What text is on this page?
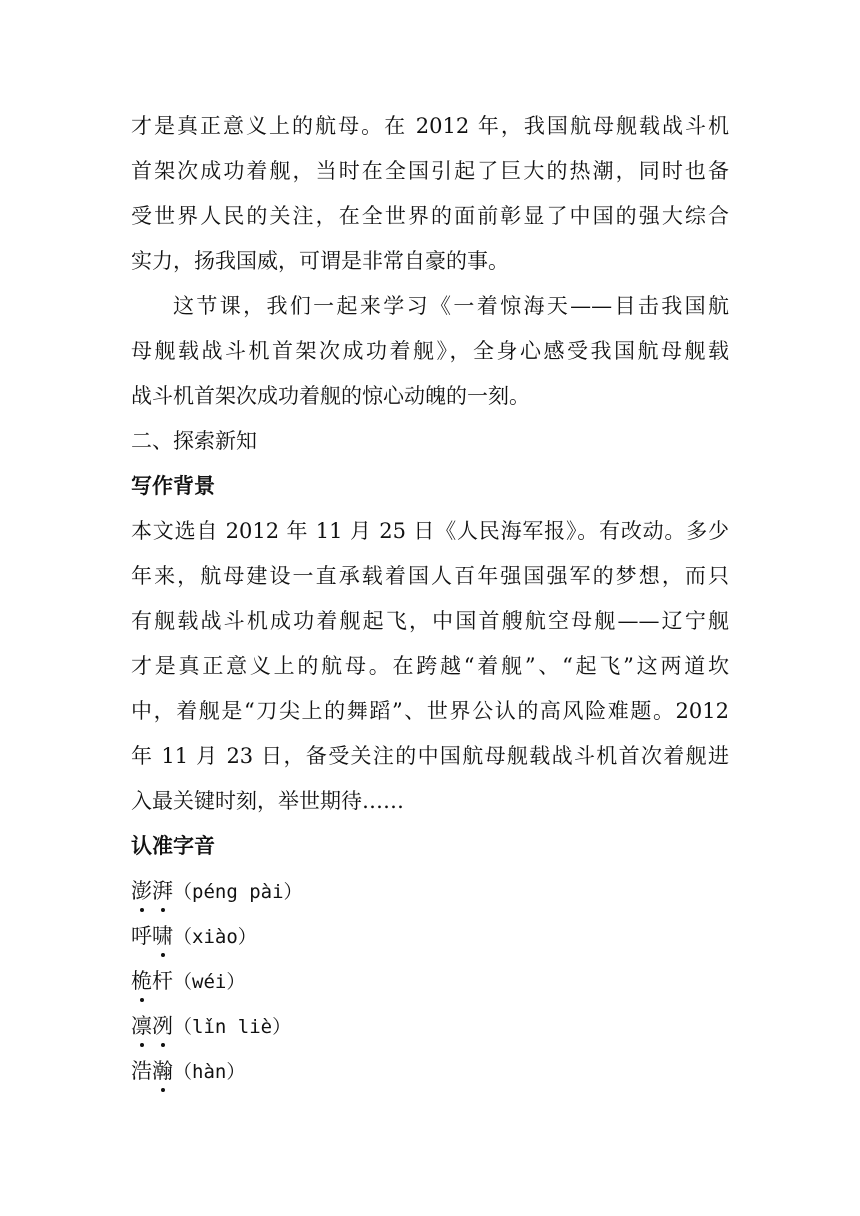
才是真正意义上的航母。在 2012 年，我国航母舰载战斗机
首架次成功着舰，当时在全国引起了巨大的热潮，同时也备
受世界人民的关注，在全世界的面前彰显了中国的强大综合
实力，扬我国威，可谓是非常自豪的事。
这节课，我们一起来学习《一着惊海天——目击我国航
母舰载战斗机首架次成功着舰》，全身心感受我国航母舰载
战斗机首架次成功着舰的惊心动魄的一刻。
二、探索新知
写作背景
本文选自 2012 年 11 月 25 日《人民海军报》。有改动。多少
年来，航母建设一直承载着国人百年强国强军的梦想，而只
有舰载战斗机成功着舰起飞，中国首艘航空母舰——辽宁舰
才是真正意义上的航母。在跨越“着舰”、“起飞”这两道坎
中，着舰是“刀尖上的舞蹈”、世界公认的高风险难题。2012
年 11 月 23 日，备受关注的中国航母舰载战斗机首次着舰进
入最关键时刻，举世期待……
认准字音
澎湃（péng pài）
呼啸（xiào）
桅杆（wéi）
凛冽（lǐn liè）
浩瀚（hàn）
